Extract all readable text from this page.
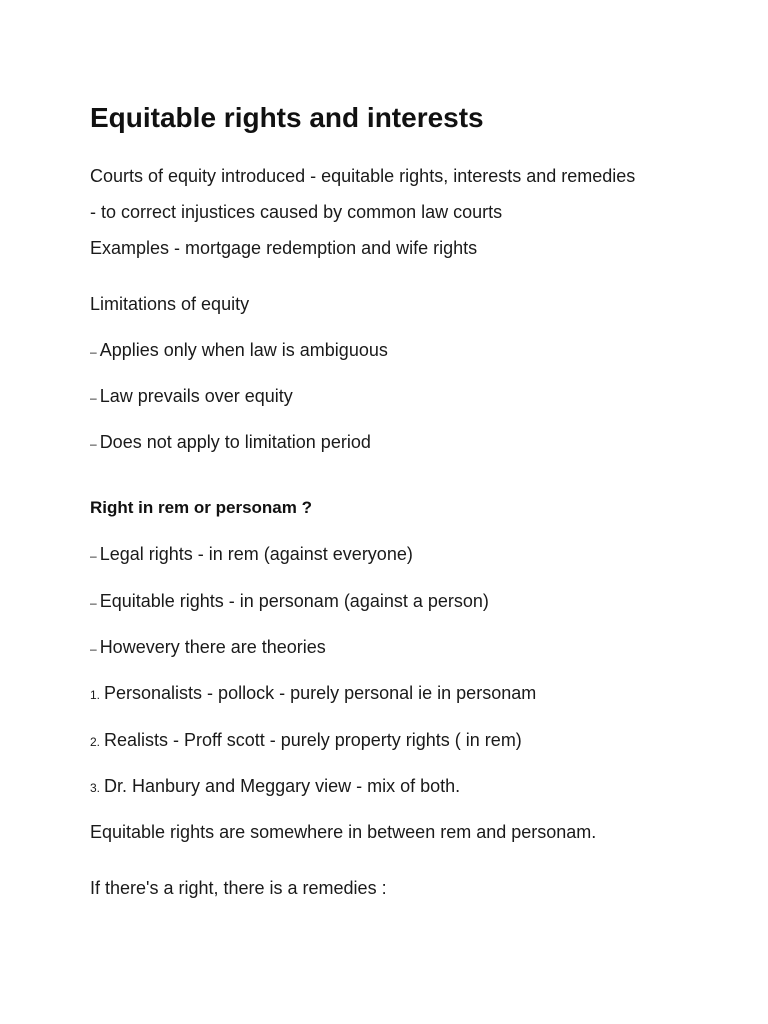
Equitable rights and interests
Courts of equity introduced - equitable rights, interests and remedies
- to correct injustices caused by common law courts
Examples - mortgage redemption and wife rights
Limitations of equity
– Applies only when law is ambiguous
– Law prevails over equity
– Does not apply to limitation period
Right in rem or personam ?
– Legal rights - in rem (against everyone)
– Equitable rights - in personam (against a person)
– Howevery there are theories
1. Personalists - pollock - purely personal ie in personam
2. Realists - Proff scott - purely property rights ( in rem)
3. Dr. Hanbury and Meggary view - mix of both.
Equitable rights are somewhere in between rem and personam.
If there's a right, there is a remedies :
